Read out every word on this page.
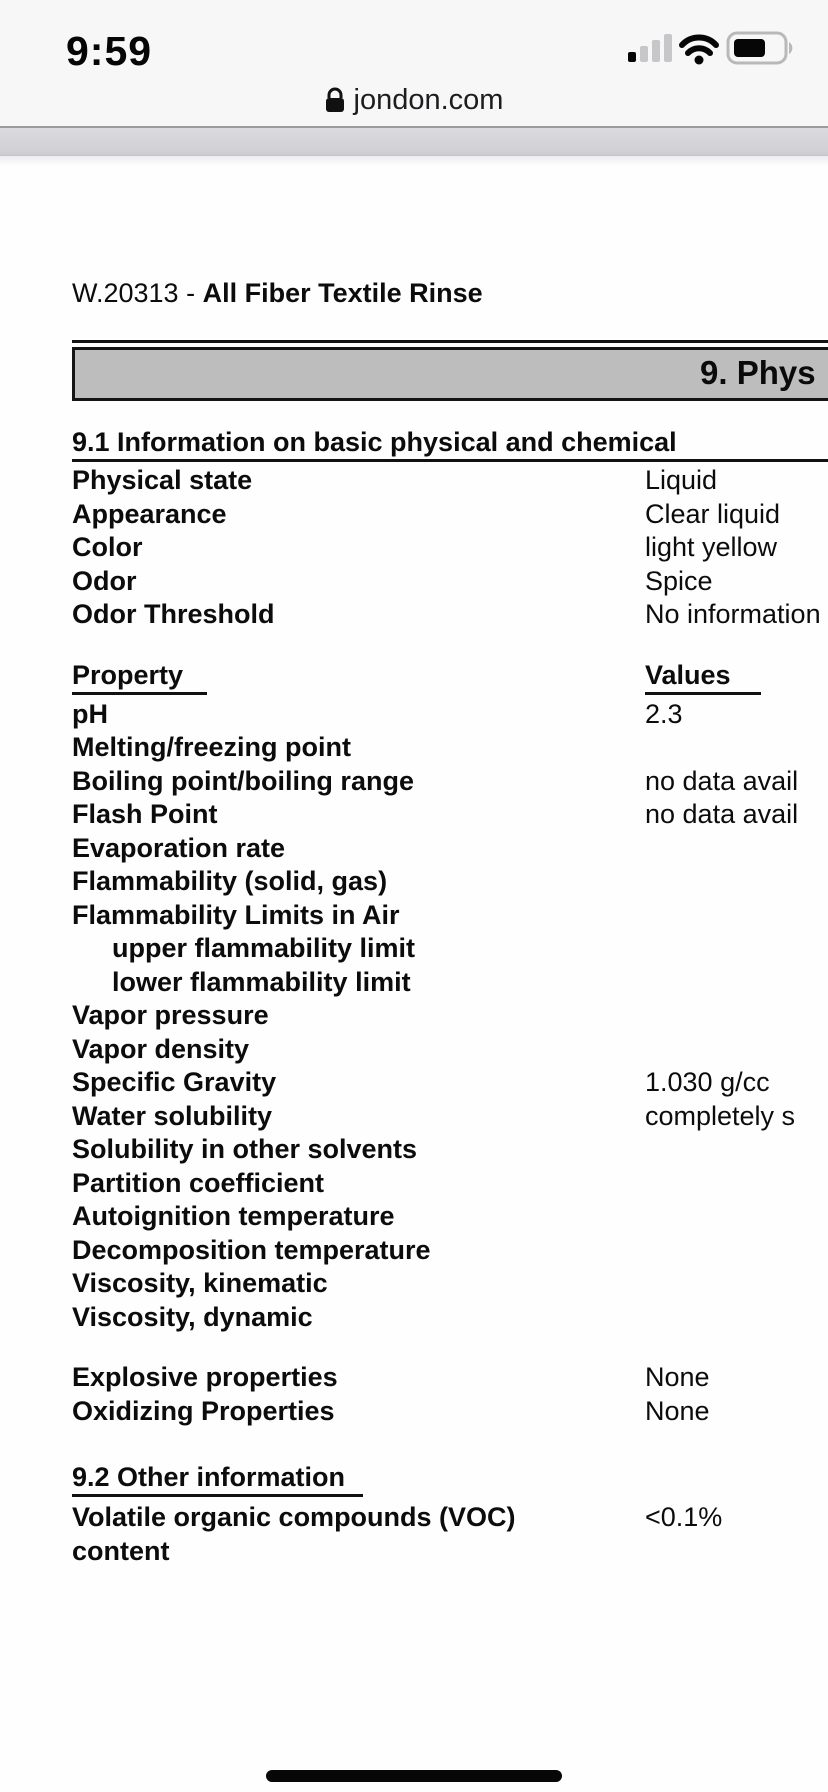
9:59
jondon.com
W.20313 - All Fiber Textile Rinse
9. Phys
9.1 Information on basic physical and chemical
Physical state	Liquid
Appearance	Clear liquid
Color	light yellow
Odor	Spice
Odor Threshold	No information
Property	Values
pH	2.3
Melting/freezing point
Boiling point/boiling range	no data avail
Flash Point	no data avail
Evaporation rate
Flammability (solid, gas)
Flammability Limits in Air
upper flammability limit
lower flammability limit
Vapor pressure
Vapor density
Specific Gravity	1.030 g/cc
Water solubility	completely s
Solubility in other solvents
Partition coefficient
Autoignition temperature
Decomposition temperature
Viscosity, kinematic
Viscosity, dynamic
Explosive properties	None
Oxidizing Properties	None
9.2 Other information
Volatile organic compounds (VOC)	<0.1%
content
